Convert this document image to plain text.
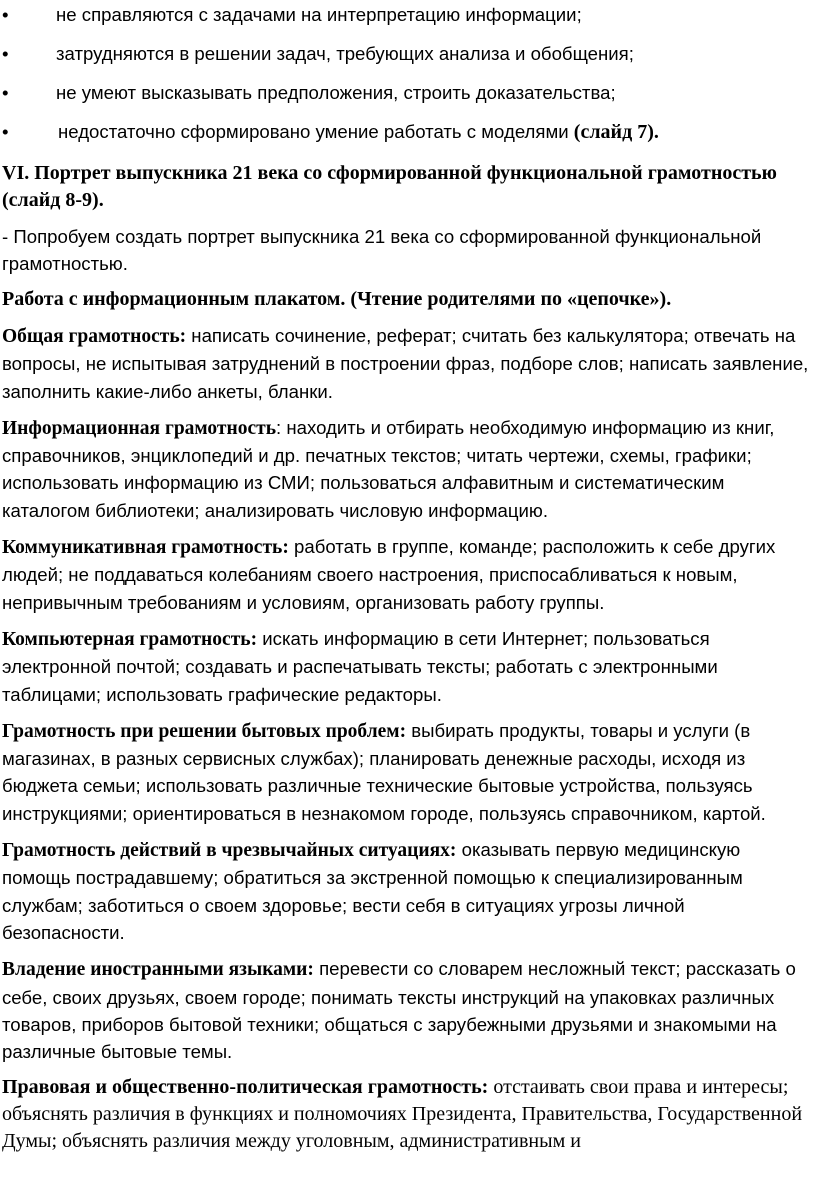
•	не справляются с задачами на интерпретацию информации;
•	затрудняются в решении задач, требующих анализа и обобщения;
•	не умеют высказывать предположения, строить доказательства;
•	недостаточно сформировано умение работать с моделями (слайд 7).

VI. Портрет выпускника 21 века со сформированной функциональной грамотностью (слайд 8-9).

- Попробуем создать портрет выпускника 21 века со сформированной функциональной грамотностью.

Работа с информационным плакатом. (Чтение родителями по «цепочке»).

Общая грамотность: написать сочинение, реферат; считать без калькулятора; отвечать на вопросы, не испытывая затруднений в построении фраз, подборе слов; написать заявление, заполнить какие-либо анкеты, бланки.

Информационная грамотность: находить и отбирать необходимую информацию из книг, справочников, энциклопедий и др. печатных текстов; читать чертежи, схемы, графики; использовать информацию из СМИ; пользоваться алфавитным и систематическим каталогом библиотеки; анализировать числовую информацию.

Коммуникативная грамотность: работать в группе, команде; расположить к себе других людей; не поддаваться колебаниям своего настроения, приспосабливаться к новым, непривычным требованиям и условиям, организовать работу группы.

Компьютерная грамотность: искать информацию в сети Интернет; пользоваться электронной почтой; создавать и распечатывать тексты; работать с электронными таблицами; использовать графические редакторы.

Грамотность при решении бытовых проблем: выбирать продукты, товары и услуги (в магазинах, в разных сервисных службах); планировать денежные расходы, исходя из бюджета семьи; использовать различные технические бытовые устройства, пользуясь инструкциями; ориентироваться в незнакомом городе, пользуясь справочником, картой.

Грамотность действий в чрезвычайных ситуациях: оказывать первую медицинскую помощь пострадавшему; обратиться за экстренной помощью к специализированным службам; заботиться о своем здоровье; вести себя в ситуациях угрозы личной безопасности.

Владение иностранными языками: перевести со словарем несложный текст; рассказать о себе, своих друзьях, своем городе; понимать тексты инструкций на упаковках различных товаров, приборов бытовой техники; общаться с зарубежными друзьями и знакомыми на различные бытовые темы.

Правовая и общественно-политическая грамотность: отстаивать свои права и интересы; объяснять различия в функциях и полномочиях Президента, Правительства, Государственной Думы; объяснять различия между уголовным, административным и
